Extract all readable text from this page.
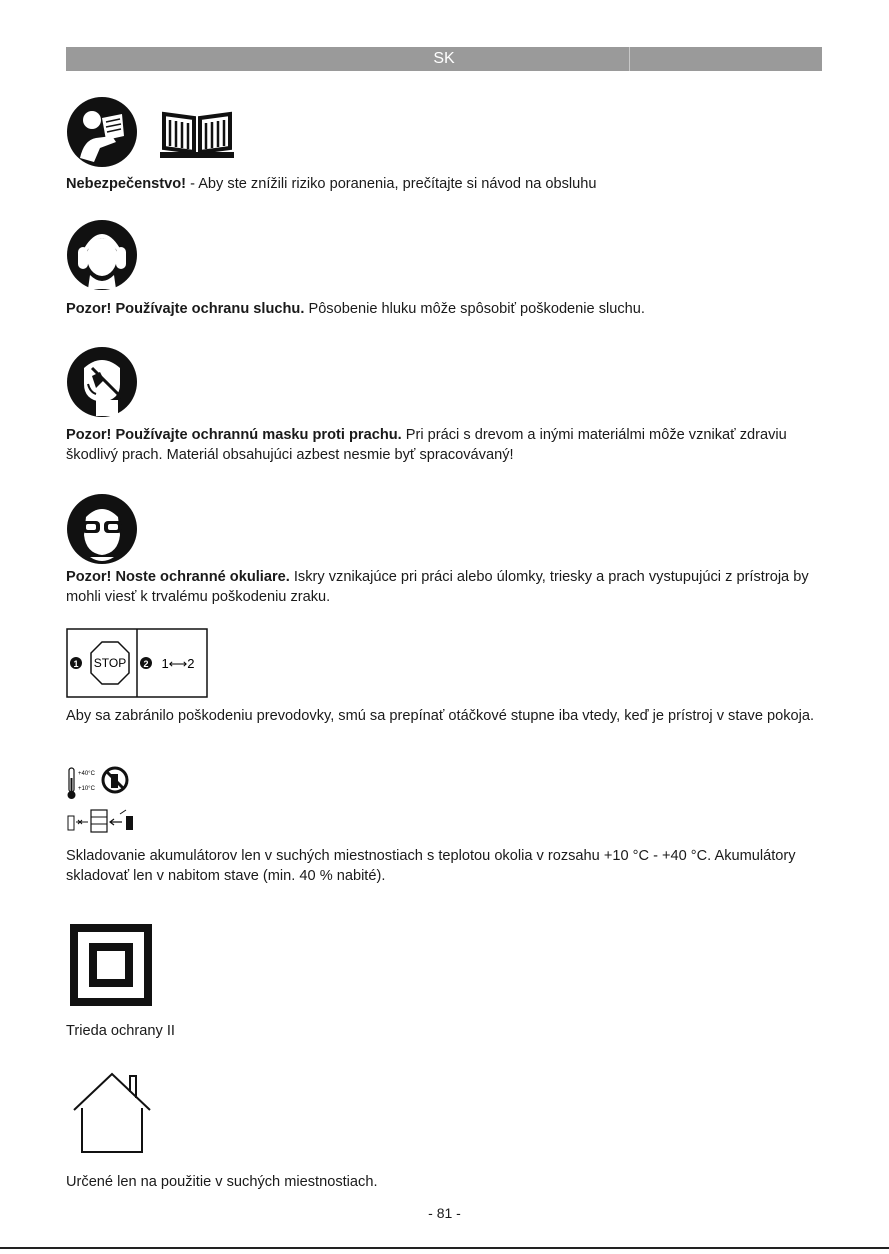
SK

Nebezpečenstvo! - Aby ste znížili riziko poranenia, prečítajte si návod na obsluhu

Pozor! Používajte ochranu sluchu. Pôsobenie hluku môže spôsobiť poškodenie sluchu.

Pozor! Používajte ochrannú masku proti prachu. Pri práci s drevom a inými materiálmi môže vznikať zdraviu škodlivý prach. Materiál obsahujúci azbest nesmie byť spracovávaný!

Pozor! Noste ochranné okuliare. Iskry vznikajúce pri práci alebo úlomky, triesky a prach vystupujúci z prístroja by mohli viesť k trvalému poškodeniu zraku.

1 STOP 2 1⟷2

Aby sa zabránilo poškodeniu prevodovky, smú sa prepínať otáčkové stupne iba vtedy, keď je prístroj v stave pokoja.

+40°C
+10°C

Skladovanie akumulátorov len v suchých miestnostiach s teplotou okolia v rozsahu +10 °C - +40 °C. Akumulátory skladovať len v nabitom stave (min. 40 % nabité).

Trieda ochrany II

Určené len na použitie v suchých miestnostiach.

- 81 -
